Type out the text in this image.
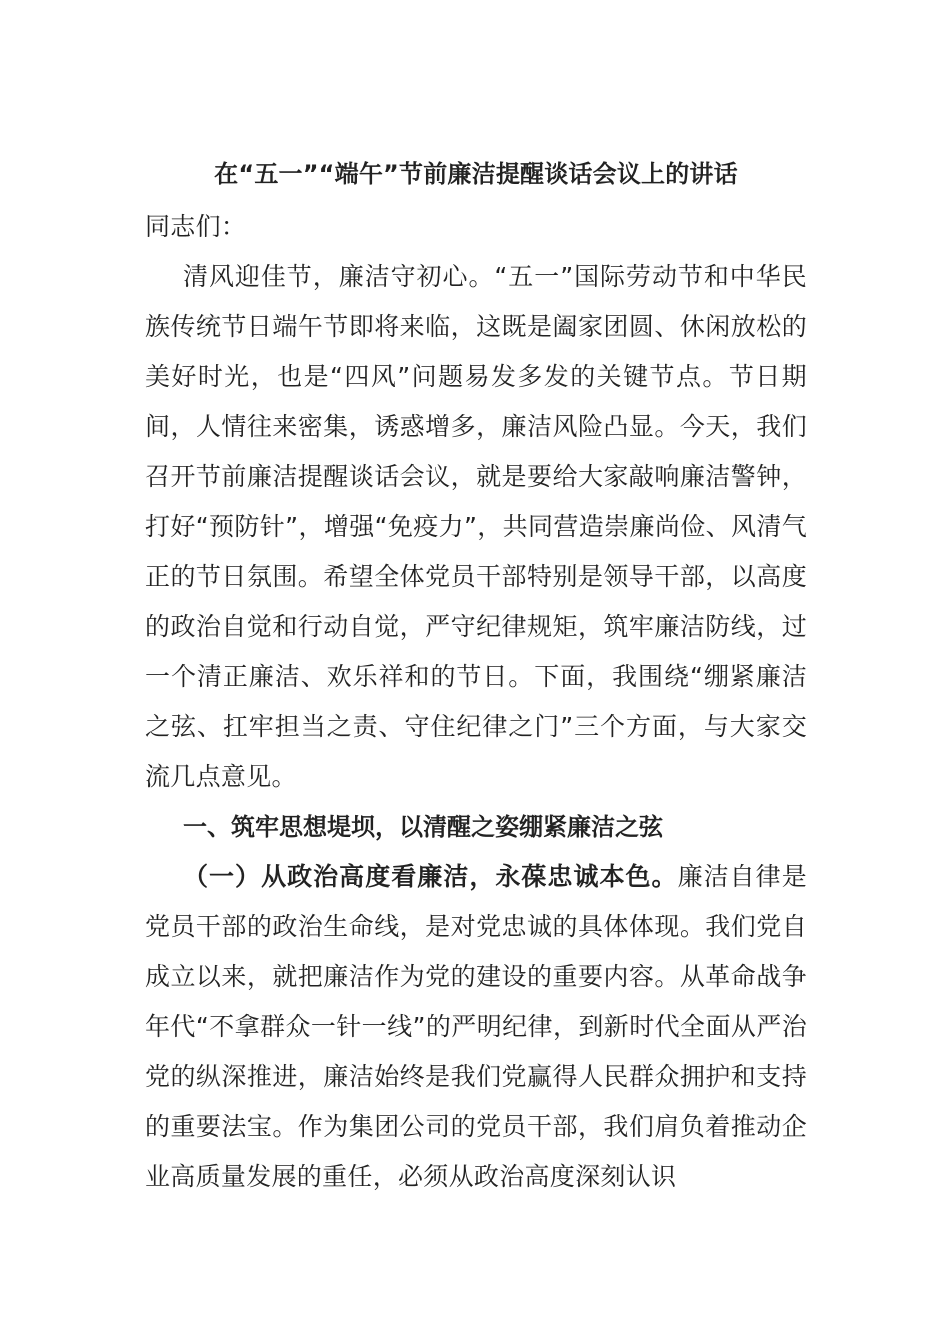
在“五一”“端午”节前廉洁提醒谈话会议上的讲话

同志们：

清风迎佳节，廉洁守初心。“五一”国际劳动节和中华民族传统节日端午节即将来临，这既是阖家团圆、休闲放松的美好时光，也是“四风”问题易发多发的关键节点。节日期间，人情往来密集，诱惑增多，廉洁风险凸显。今天，我们召开节前廉洁提醒谈话会议，就是要给大家敲响廉洁警钟，打好“预防针”，增强“免疫力”，共同营造崇廉尚俭、风清气正的节日氛围。希望全体党员干部特别是领导干部，以高度的政治自觉和行动自觉，严守纪律规矩，筑牢廉洁防线，过一个清正廉洁、欢乐祥和的节日。下面，我围绕“绷紧廉洁之弦、扛牢担当之责、守住纪律之门”三个方面，与大家交流几点意见。

一、筑牢思想堤坝，以清醒之姿绷紧廉洁之弦

（一）从政治高度看廉洁，永葆忠诚本色。廉洁自律是党员干部的政治生命线，是对党忠诚的具体体现。我们党自成立以来，就把廉洁作为党的建设的重要内容。从革命战争年代“不拿群众一针一线”的严明纪律，到新时代全面从严治党的纵深推进，廉洁始终是我们党赢得人民群众拥护和支持的重要法宝。作为集团公司的党员干部，我们肩负着推动企业高质量发展的重任，必须从政治高度深刻认识
